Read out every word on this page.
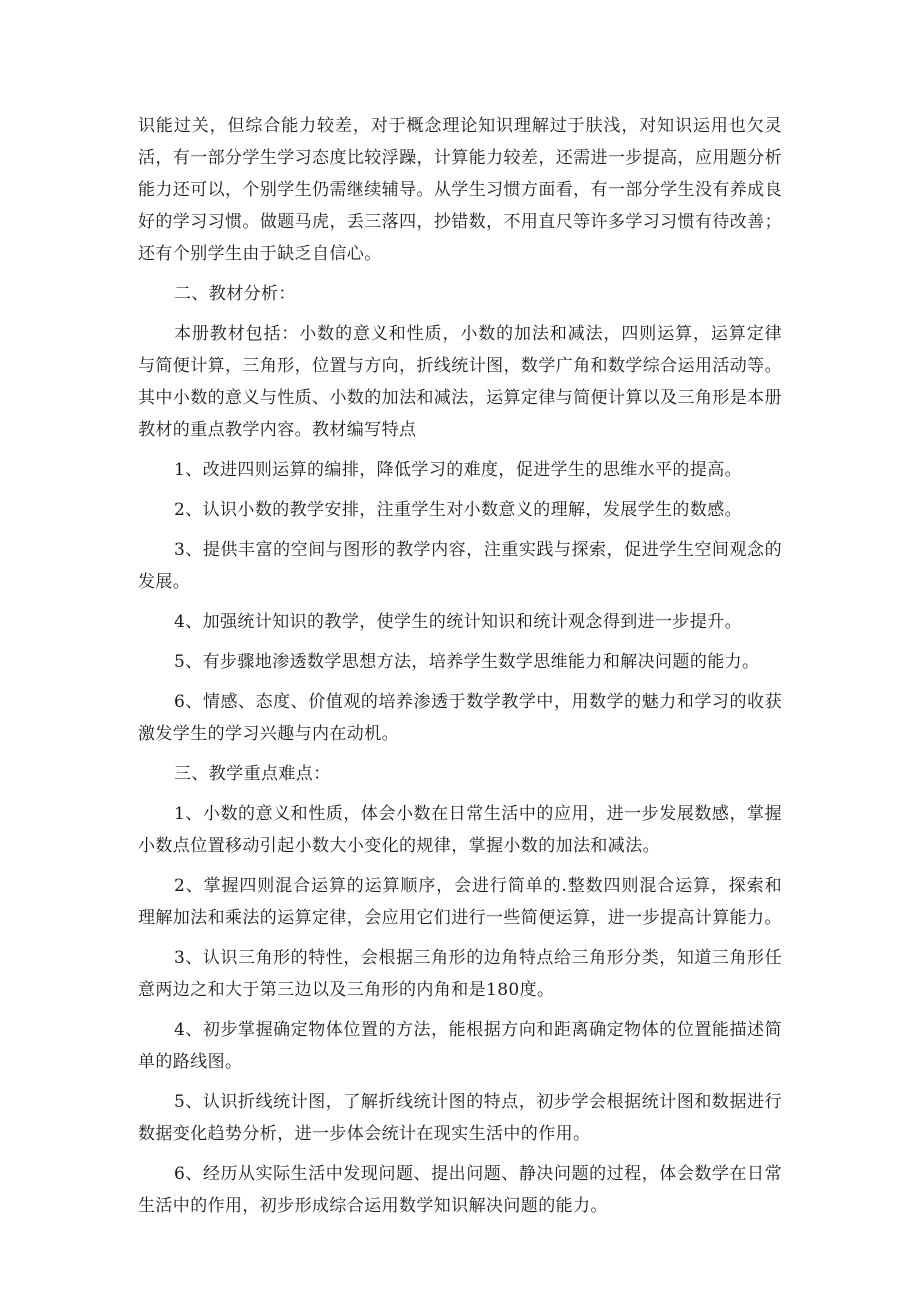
识能过关，但综合能力较差，对于概念理论知识理解过于肤浅，对知识运用也欠灵活，有一部分学生学习态度比较浮躁，计算能力较差，还需进一步提高，应用题分析能力还可以，个别学生仍需继续辅导。从学生习惯方面看，有一部分学生没有养成良好的学习习惯。做题马虎，丢三落四，抄错数，不用直尺等许多学习习惯有待改善；还有个别学生由于缺乏自信心。

二、教材分析：

本册教材包括：小数的意义和性质，小数的加法和减法，四则运算，运算定律与简便计算，三角形，位置与方向，折线统计图，数学广角和数学综合运用活动等。其中小数的意义与性质、小数的加法和减法，运算定律与简便计算以及三角形是本册教材的重点教学内容。教材编写特点

1、改进四则运算的编排，降低学习的难度，促进学生的思维水平的提高。

2、认识小数的教学安排，注重学生对小数意义的理解，发展学生的数感。

3、提供丰富的空间与图形的教学内容，注重实践与探索，促进学生空间观念的发展。

4、加强统计知识的教学，使学生的统计知识和统计观念得到进一步提升。

5、有步骤地渗透数学思想方法，培养学生数学思维能力和解决问题的能力。

6、情感、态度、价值观的培养渗透于数学教学中，用数学的魅力和学习的收获激发学生的学习兴趣与内在动机。

三、教学重点难点：

1、小数的意义和性质，体会小数在日常生活中的应用，进一步发展数感，掌握小数点位置移动引起小数大小变化的规律，掌握小数的加法和减法。

2、掌握四则混合运算的运算顺序，会进行简单的.整数四则混合运算，探索和理解加法和乘法的运算定律，会应用它们进行一些简便运算，进一步提高计算能力。

3、认识三角形的特性，会根据三角形的边角特点给三角形分类，知道三角形任意两边之和大于第三边以及三角形的内角和是180度。

4、初步掌握确定物体位置的方法，能根据方向和距离确定物体的位置能描述简单的路线图。

5、认识折线统计图，了解折线统计图的特点，初步学会根据统计图和数据进行数据变化趋势分析，进一步体会统计在现实生活中的作用。

6、经历从实际生活中发现问题、提出问题、静决问题的过程，体会数学在日常生活中的作用，初步形成综合运用数学知识解决问题的能力。
